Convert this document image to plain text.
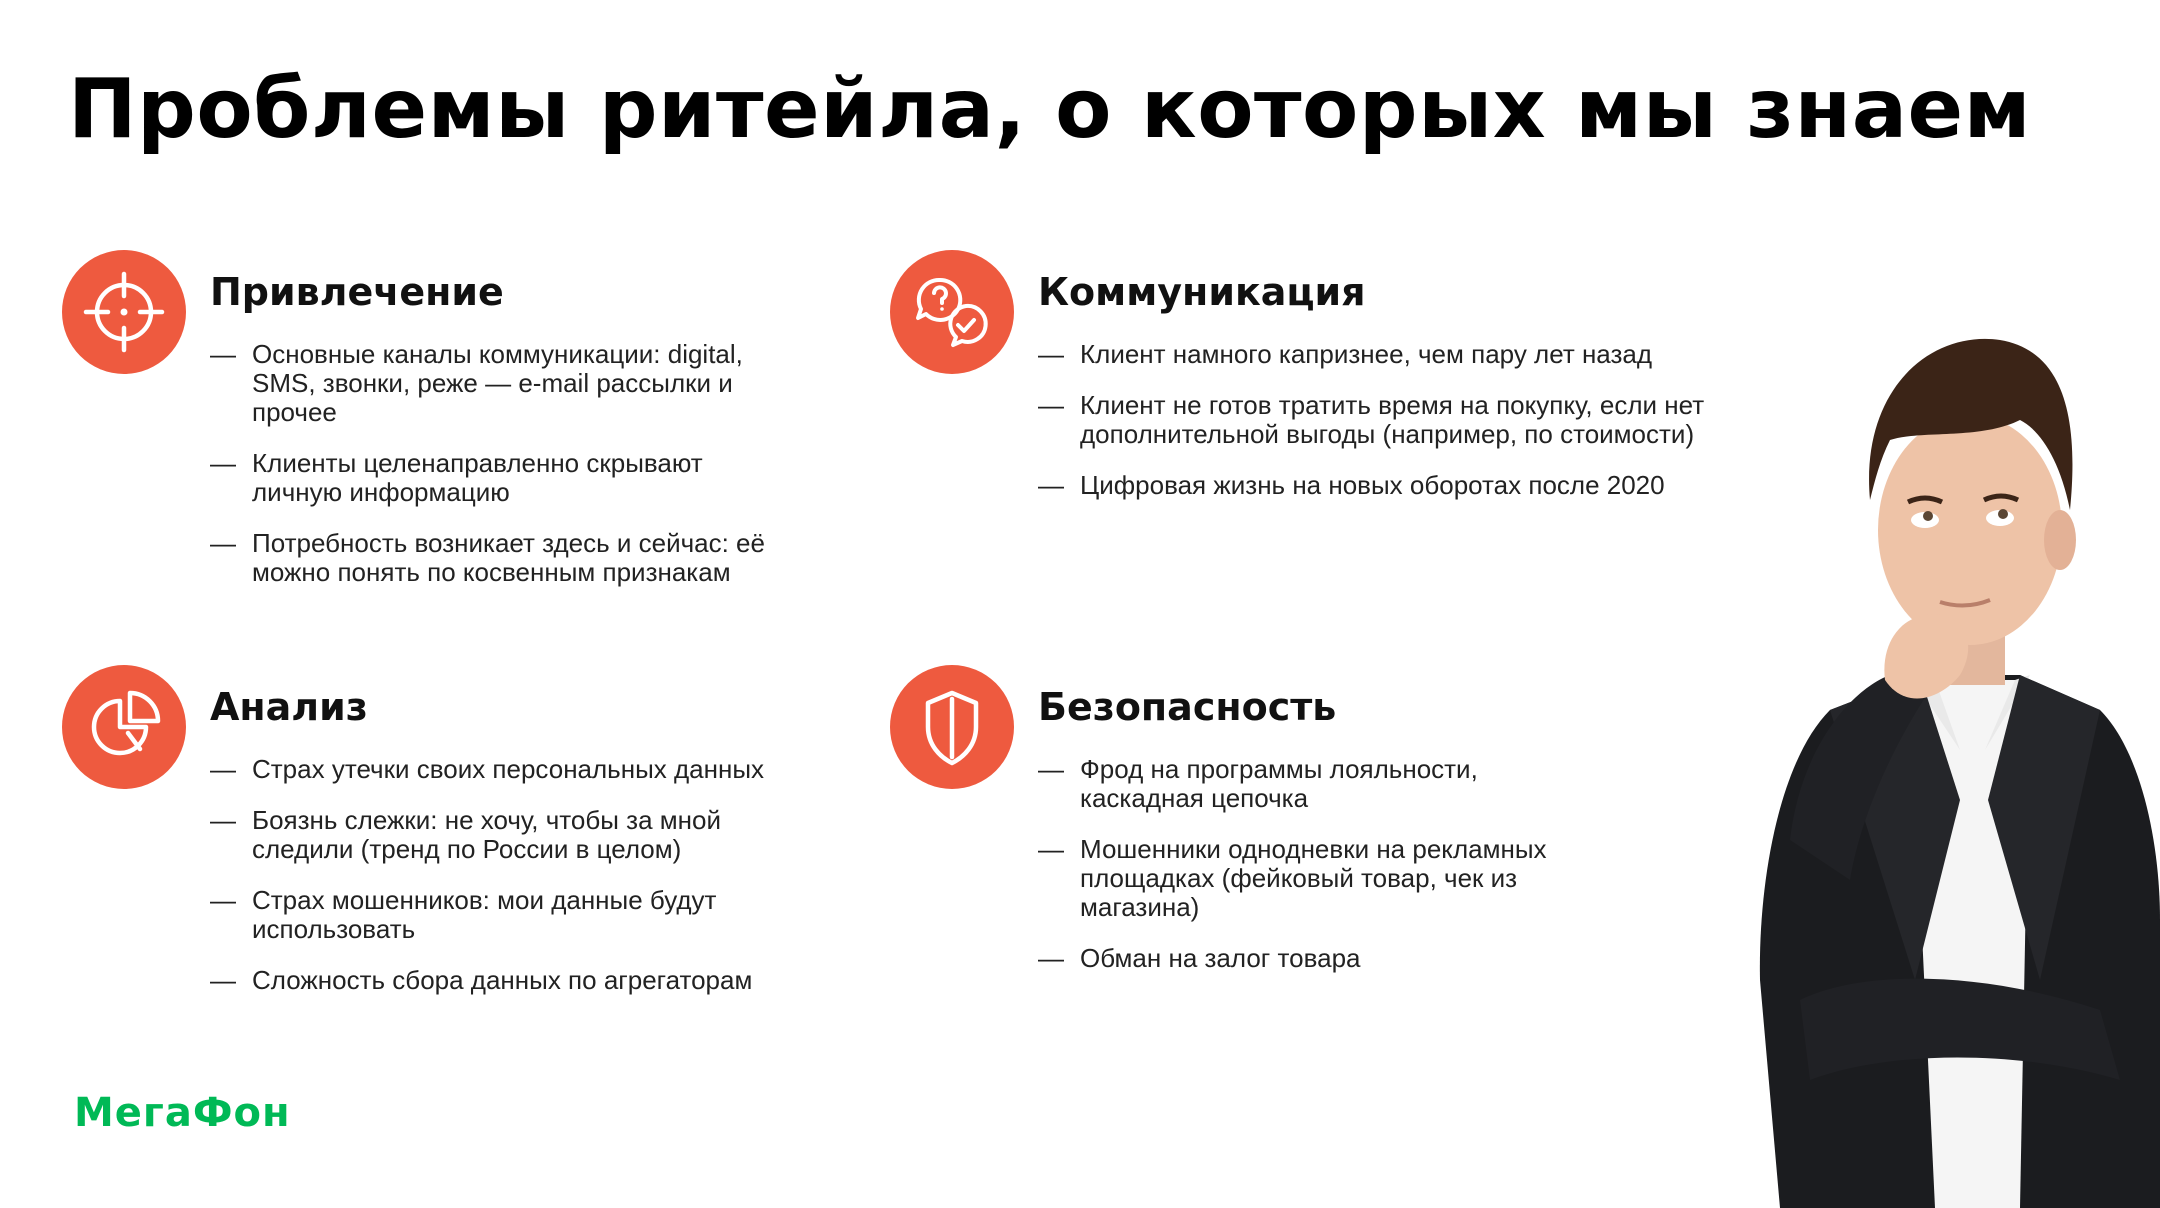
Проблемы ритейла, о которых мы знаем
Привлечение
— Основные каналы коммуникации: digital, SMS, звонки, реже — e-mail рассылки и прочее
— Клиенты целенаправленно скрывают личную информацию
— Потребность возникает здесь и сейчас: её можно понять по косвенным признакам
Коммуникация
— Клиент намного капризнее, чем пару лет назад
— Клиент не готов тратить время на покупку, если нет дополнительной выгоды (например, по стоимости)
— Цифровая жизнь на новых оборотах после 2020
Анализ
— Страх утечки своих персональных данных
— Боязнь слежки: не хочу, чтобы за мной следили (тренд по России в целом)
— Страх мошенников: мои данные будут использовать
— Сложность сбора данных по агрегаторам
Безопасность
— Фрод на программы лояльности, каскадная цепочка
— Мошенники однодневки на рекламных площадках (фейковый товар, чек из магазина)
— Обман на залог товара
МегаФон
